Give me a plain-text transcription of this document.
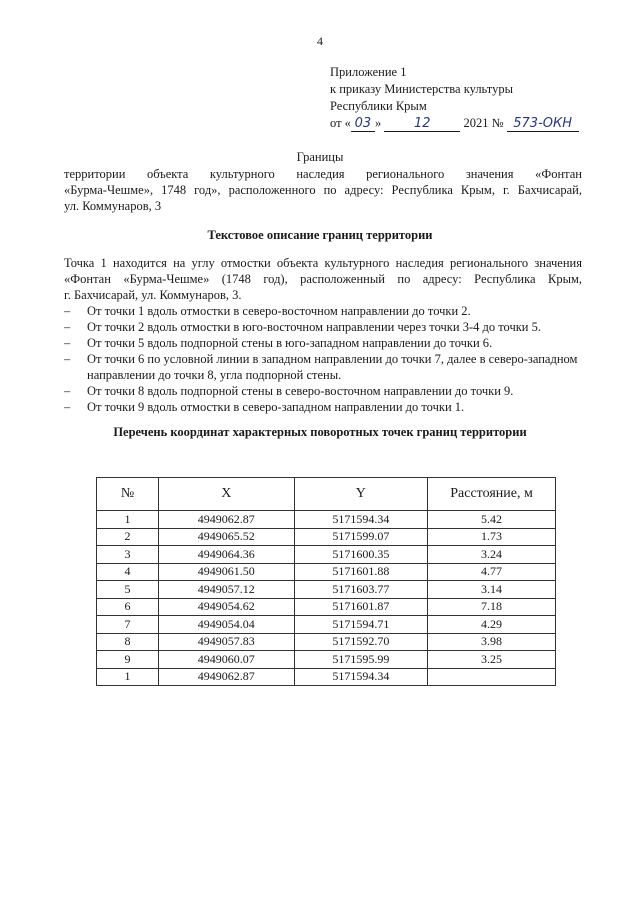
4
Приложение 1
к приказу Министерства культуры
Республики Крым
от « 03 »	12	2021 № 573-ОКН
Границы
территории объекта культурного наследия регионального значения «Фонтан
«Бурма-Чешме», 1748 год», расположенного по адресу: Республика Крым, г. Бахчисарай,
ул. Коммунаров, 3
Текстовое описание границ территории
Точка 1 находится на углу отмостки объекта культурного наследия регионального значения
«Фонтан «Бурма-Чешме» (1748 год), расположенный по адресу: Республика Крым,
г. Бахчисарай, ул. Коммунаров, 3.
– От точки 1 вдоль отмостки в северо-восточном направлении до точки 2.
– От точки 2 вдоль отмостки в юго-восточном направлении через точки 3-4 до точки 5.
– От точки 5 вдоль подпорной стены в юго-западном направлении до точки 6.
– От точки 6 по условной линии в западном направлении до точки 7, далее в северо-западном направлении до точки 8, угла подпорной стены.
– От точки 8 вдоль подпорной стены в северо-восточном направлении до точки 9.
– От точки 9 вдоль отмостки в северо-западном направлении до точки 1.
Перечень координат характерных поворотных точек границ территории
№	X	Y	Расстояние, м
1	4949062.87	5171594.34	5.42
2	4949065.52	5171599.07	1.73
3	4949064.36	5171600.35	3.24
4	4949061.50	5171601.88	4.77
5	4949057.12	5171603.77	3.14
6	4949054.62	5171601.87	7.18
7	4949054.04	5171594.71	4.29
8	4949057.83	5171592.70	3.98
9	4949060.07	5171595.99	3.25
1	4949062.87	5171594.34	
